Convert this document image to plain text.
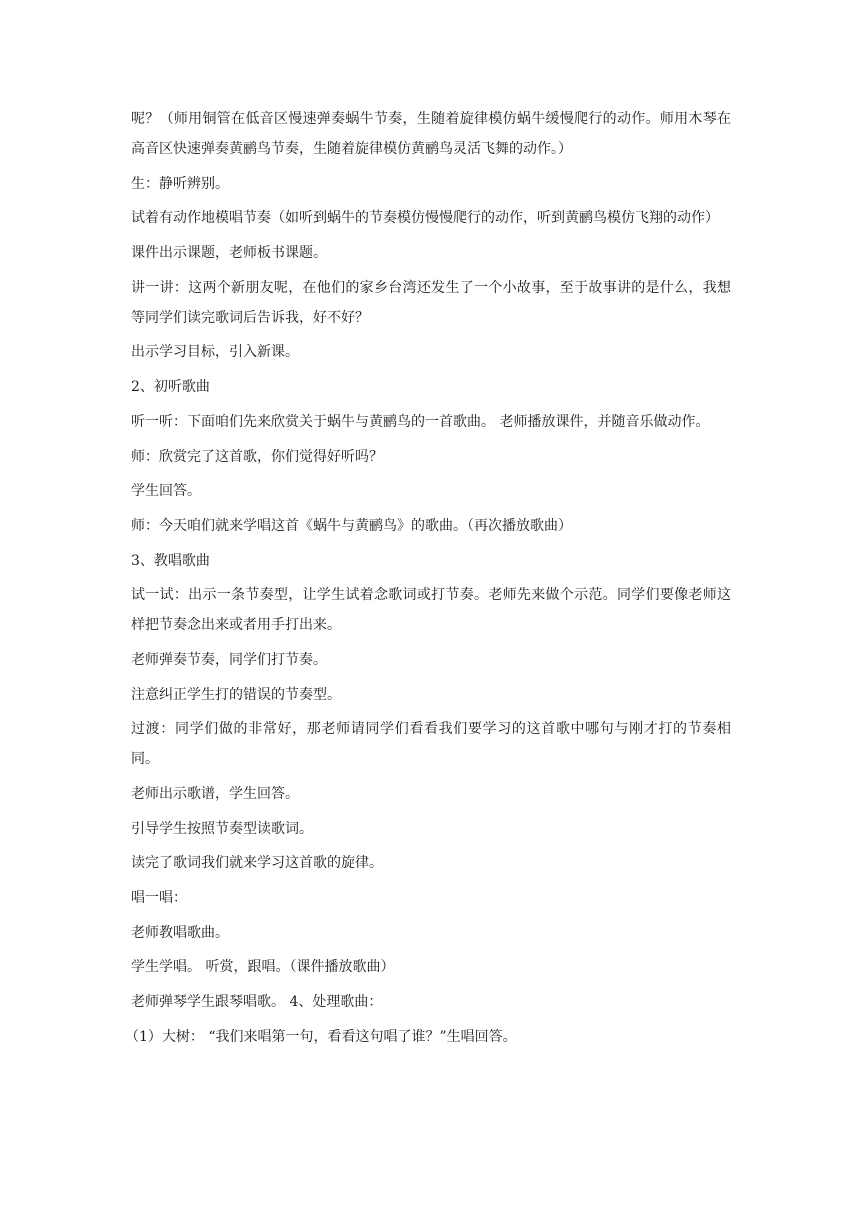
呢？（师用铜管在低音区慢速弹奏蜗牛节奏，生随着旋律模仿蜗牛缓慢爬行的动作。师用木琴在高音区快速弹奏黄鹂鸟节奏，生随着旋律模仿黄鹂鸟灵活飞舞的动作。）

生：静听辨别。

试着有动作地模唱节奏（如听到蜗牛的节奏模仿慢慢爬行的动作，听到黄鹂鸟模仿飞翔的动作）

课件出示课题，老师板书课题。

讲一讲：这两个新朋友呢，在他们的家乡台湾还发生了一个小故事，至于故事讲的是什么，我想等同学们读完歌词后告诉我，好不好？

出示学习目标，引入新课。

2、初听歌曲

听一听：下面咱们先来欣赏关于蜗牛与黄鹂鸟的一首歌曲。 老师播放课件，并随音乐做动作。

师：欣赏完了这首歌，你们觉得好听吗？

学生回答。

师：今天咱们就来学唱这首《蜗牛与黄鹂鸟》的歌曲。（再次播放歌曲）

3、教唱歌曲

试一试：出示一条节奏型，让学生试着念歌词或打节奏。老师先来做个示范。同学们要像老师这样把节奏念出来或者用手打出来。

老师弹奏节奏，同学们打节奏。

注意纠正学生打的错误的节奏型。

过渡：同学们做的非常好，那老师请同学们看看我们要学习的这首歌中哪句与刚才打的节奏相同。

老师出示歌谱，学生回答。

引导学生按照节奏型读歌词。

读完了歌词我们就来学习这首歌的旋律。

唱一唱：

老师教唱歌曲。

学生学唱。 听赏，跟唱。（课件播放歌曲）

老师弹琴学生跟琴唱歌。 4、处理歌曲：

（1）大树： “我们来唱第一句，看看这句唱了谁？”生唱回答。
